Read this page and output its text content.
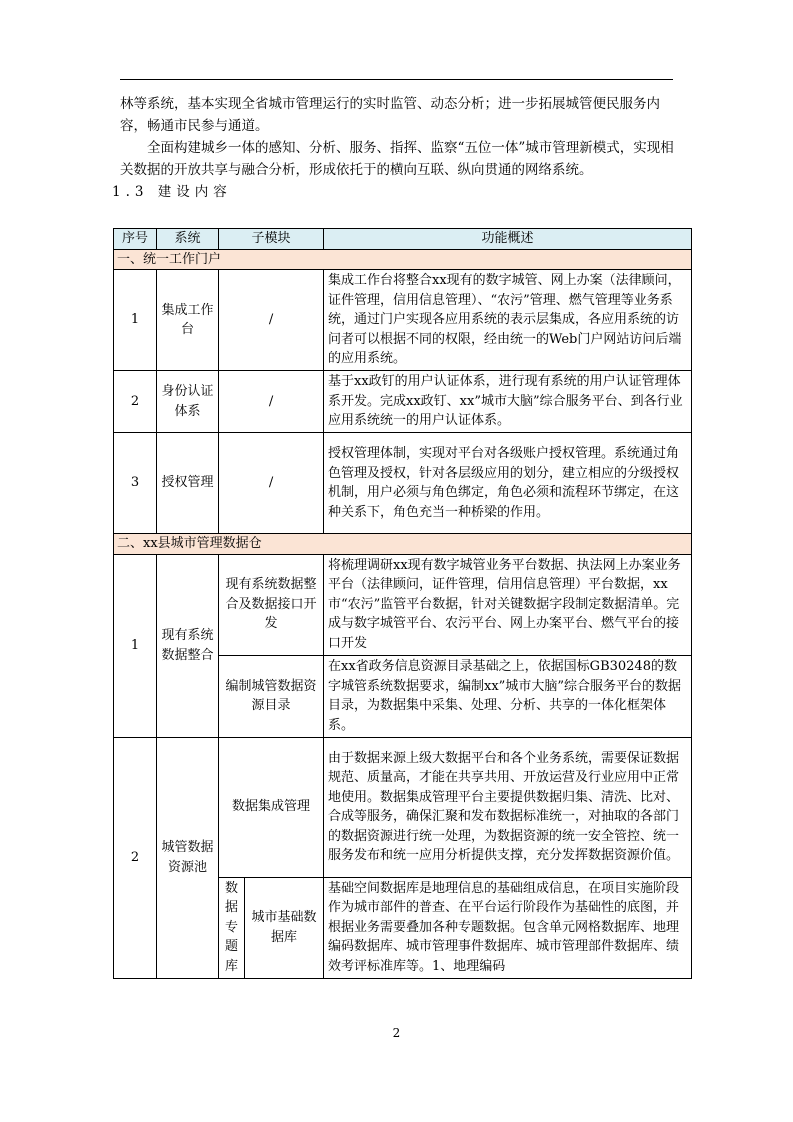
林等系统，基本实现全省城市管理运行的实时监管、动态分析；进一步拓展城管便民服务内容，畅通市民参与通道。
全面构建城乡一体的感知、分析、服务、指挥、监察“五位一体”城市管理新模式，实现相关数据的开放共享与融合分析，形成依托于的横向互联、纵向贯通的网络系统。
1.3 建设内容
序号	系统	子模块		功能概述
一、统一工作门户				
1	集成工作台	/		集成工作台将整合xx现有的数字城管、网上办案（法律顾问，证件管理，信用信息管理）、“农污”管理、燃气管理等业务系统，通过门户实现各应用系统的表示层集成，各应用系统的访问者可以根据不同的权限，经由统一的Web门户网站访问后端的应用系统。
2	身份认证体系	/		基于xx政钉的用户认证体系，进行现有系统的用户认证管理体系开发。完成xx政钉、xx”城市大脑”综合服务平台、到各行业应用系统统一的用户认证体系。
3	授权管理	/		授权管理体制，实现对平台对各级账户授权管理。系统通过角色管理及授权，针对各层级应用的划分，建立相应的分级授权机制，用户必须与角色绑定，角色必须和流程环节绑定，在这种关系下，角色充当一种桥梁的作用。
二、xx县城市管理数据仓				
1	现有系统数据整合	现有系统数据整合及数据接口开发		将梳理调研xx现有数字城管业务平台数据、执法网上办案业务平台（法律顾问，证件管理，信用信息管理）平台数据，xx市“农污”监管平台数据，针对关键数据字段制定数据清单。完成与数字城管平台、农污平台、网上办案平台、燃气平台的接口开发
		编制城管数据资源目录		在xx省政务信息资源目录基础之上，依据国标GB30248的数字城管系统数据要求，编制xx”城市大脑”综合服务平台的数据目录，为数据集中采集、处理、分析、共享的一体化框架体系。
2	城管数据资源池	数据集成管理		由于数据来源上级大数据平台和各个业务系统，需要保证数据规范、质量高，才能在共享共用、开放运营及行业应用中正常地使用。数据集成管理平台主要提供数据归集、清洗、比对、合成等服务，确保汇聚和发布数据标准统一，对抽取的各部门的数据资源进行统一处理，为数据资源的统一安全管控、统一服务发布和统一应用分析提供支撑，充分发挥数据资源价值。
		数据专题库	城市基础数据库	基础空间数据库是地理信息的基础组成信息，在项目实施阶段作为城市部件的普查、在平台运行阶段作为基础性的底图，并根据业务需要叠加各种专题数据。包含单元网格数据库、地理编码数据库、城市管理事件数据库、城市管理部件数据库、绩效考评标准库等。1、地理编码
2
